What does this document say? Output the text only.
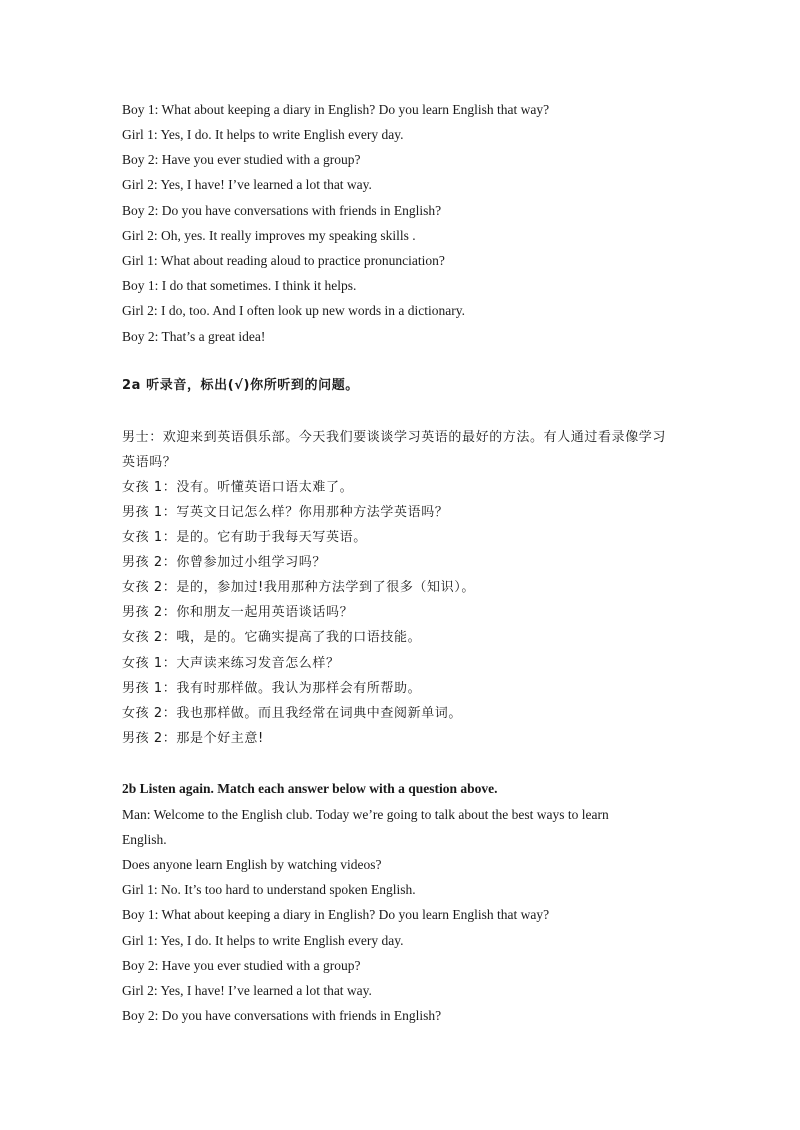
Boy 1: What about keeping a diary in English? Do you learn English that way?
Girl 1: Yes, I do. It helps to write English every day.
Boy 2: Have you ever studied with a group?
Girl 2: Yes, I have! I’ve learned a lot that way.
Boy 2: Do you have conversations with friends in English?
Girl 2: Oh, yes. It really improves my speaking skills .
Girl 1: What about reading aloud to practice pronunciation?
Boy 1: I do that sometimes. I think it helps.
Girl 2: I do, too. And I often look up new words in a dictionary.
Boy 2: That’s a great idea!
2a 听录音，标出(√)你所听到的问题。
男士：欢迎来到英语俱乐部。今天我们要谈谈学习英语的最好的方法。有人通过看录像学习
英语吗？
女孩 1：没有。听懂英语口语太难了。
男孩 1：写英文日记怎么样？你用那种方法学英语吗？
女孩 1：是的。它有助于我每天写英语。
男孩 2：你曾参加过小组学习吗？
女孩 2：是的，参加过!我用那种方法学到了很多（知识）。
男孩 2：你和朋友一起用英语谈话吗？
女孩 2：哦，是的。它确实提高了我的口语技能。
女孩 1：大声读来练习发音怎么样？
男孩 1：我有时那样做。我认为那样会有所帮助。
女孩 2：我也那样做。而且我经常在词典中查阅新单词。
男孩 2：那是个好主意!
2b Listen again. Match each answer below with a question above.
Man: Welcome to the English club. Today we’re going to talk about the best ways to learn
English.
Does anyone learn English by watching videos?
Girl 1: No. It’s too hard to understand spoken English.
Boy 1: What about keeping a diary in English? Do you learn English that way?
Girl 1: Yes, I do. It helps to write English every day.
Boy 2: Have you ever studied with a group?
Girl 2: Yes, I have! I’ve learned a lot that way.
Boy 2: Do you have conversations with friends in English?
